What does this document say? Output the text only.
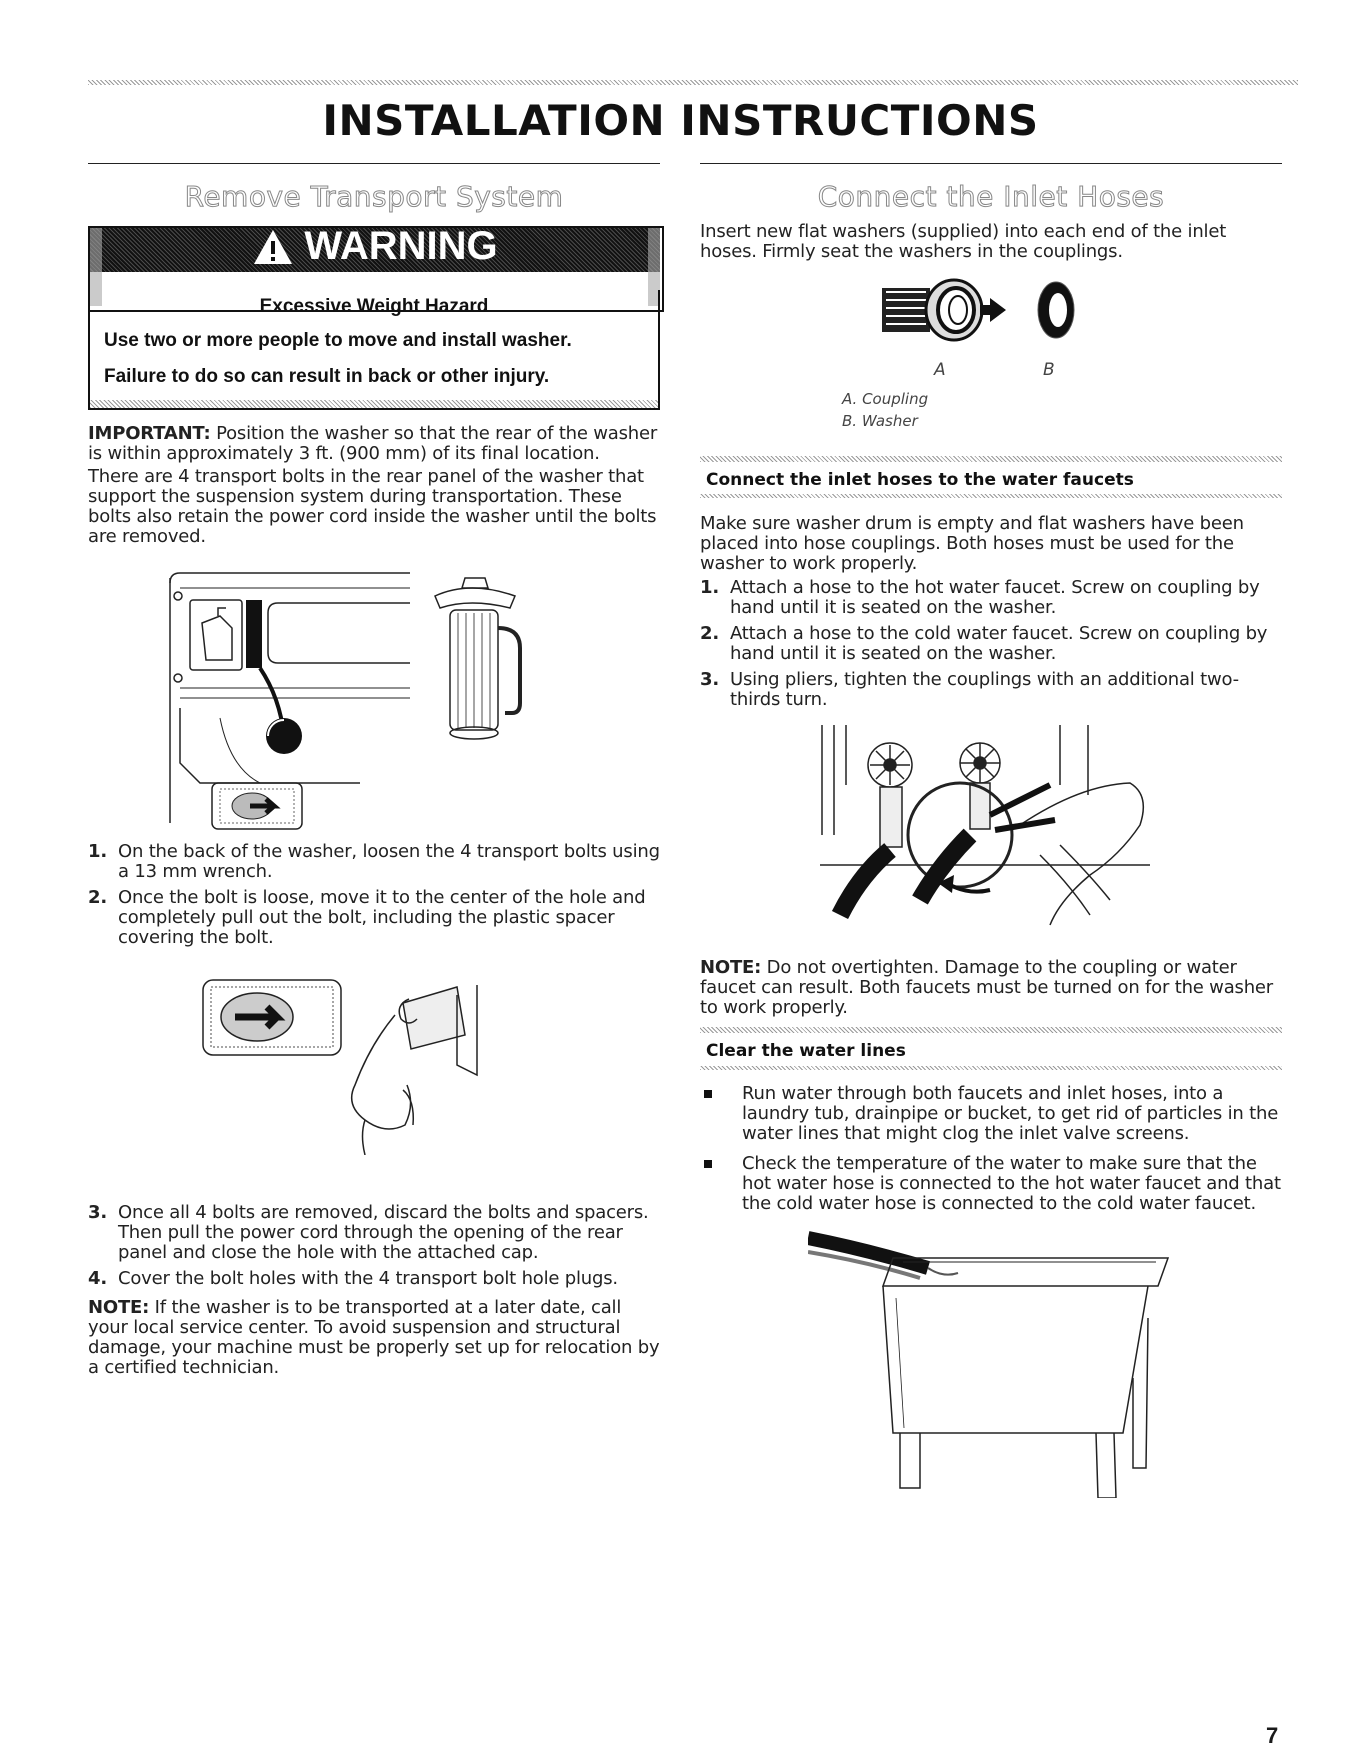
INSTALLATION INSTRUCTIONS
Remove Transport System
WARNING
Excessive Weight Hazard
Use two or more people to move and install washer.
Failure to do so can result in back or other injury.
IMPORTANT: Position the washer so that the rear of the washer is within approximately 3 ft. (900 mm) of its final location.
There are 4 transport bolts in the rear panel of the washer that support the suspension system during transportation. These bolts also retain the power cord inside the washer until the bolts are removed.
1. On the back of the washer, loosen the 4 transport bolts using a 13 mm wrench.
2. Once the bolt is loose, move it to the center of the hole and completely pull out the bolt, including the plastic spacer covering the bolt.
3. Once all 4 bolts are removed, discard the bolts and spacers. Then pull the power cord through the opening of the rear panel and close the hole with the attached cap.
4. Cover the bolt holes with the 4 transport bolt hole plugs.
NOTE: If the washer is to be transported at a later date, call your local service center. To avoid suspension and structural damage, your machine must be properly set up for relocation by a certified technician.
Connect the Inlet Hoses
Insert new flat washers (supplied) into each end of the inlet hoses. Firmly seat the washers in the couplings.
A	B
A. Coupling
B. Washer
Connect the inlet hoses to the water faucets
Make sure washer drum is empty and flat washers have been placed into hose couplings. Both hoses must be used for the washer to work properly.
1. Attach a hose to the hot water faucet. Screw on coupling by hand until it is seated on the washer.
2. Attach a hose to the cold water faucet. Screw on coupling by hand until it is seated on the washer.
3. Using pliers, tighten the couplings with an additional two-thirds turn.
NOTE: Do not overtighten. Damage to the coupling or water faucet can result. Both faucets must be turned on for the washer to work properly.
Clear the water lines
Run water through both faucets and inlet hoses, into a laundry tub, drainpipe or bucket, to get rid of particles in the water lines that might clog the inlet valve screens.
Check the temperature of the water to make sure that the hot water hose is connected to the hot water faucet and that the cold water hose is connected to the cold water faucet.
7
